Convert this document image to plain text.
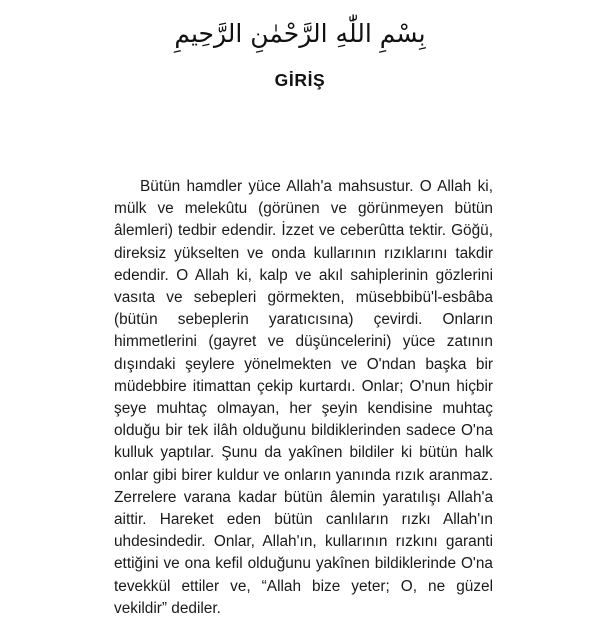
بِسْمِ اللّٰهِ الرَّحْمٰنِ الرَّحِيمِ
GİRİŞ

Bütün hamdler yüce Allah'a mahsustur. O Allah ki, mülk ve melekûtu (görünen ve görünmeyen bütün âlemleri) tedbir edendir. İzzet ve ceberûtta tektir. Göğü, direksiz yükselten ve onda kullarının rızıklarını takdir edendir. O Allah ki, kalp ve akıl sahiplerinin gözlerini vasıta ve sebepleri görmekten, müsebbibü'l-esbâba (bütün sebeplerin yaratıcısına) çevirdi. Onların himmetlerini (gayret ve düşüncelerini) yüce zatının dışındaki şeylere yönelmekten ve O'ndan başka bir müdebbire itimattan çekip kurtardı. Onlar; O'nun hiçbir şeye muhtaç olmayan, her şeyin kendisine muhtaç olduğu bir tek ilâh olduğunu bildiklerinden sadece O'na kulluk yaptılar. Şunu da yakînen bildiler ki bütün halk onlar gibi birer kuldur ve onların yanında rızık aranmaz. Zerrelere varana kadar bütün âlemin yaratılışı Allah'a aittir. Hareket eden bütün canlıların rızkı Allah'ın uhdesindedir. Onlar, Allah'ın, kullarının rızkını garanti ettiğini ve ona kefil olduğunu yakînen bildiklerinde O'na tevekkül ettiler ve, “Allah bize yeter; O, ne güzel vekildir” dediler.
